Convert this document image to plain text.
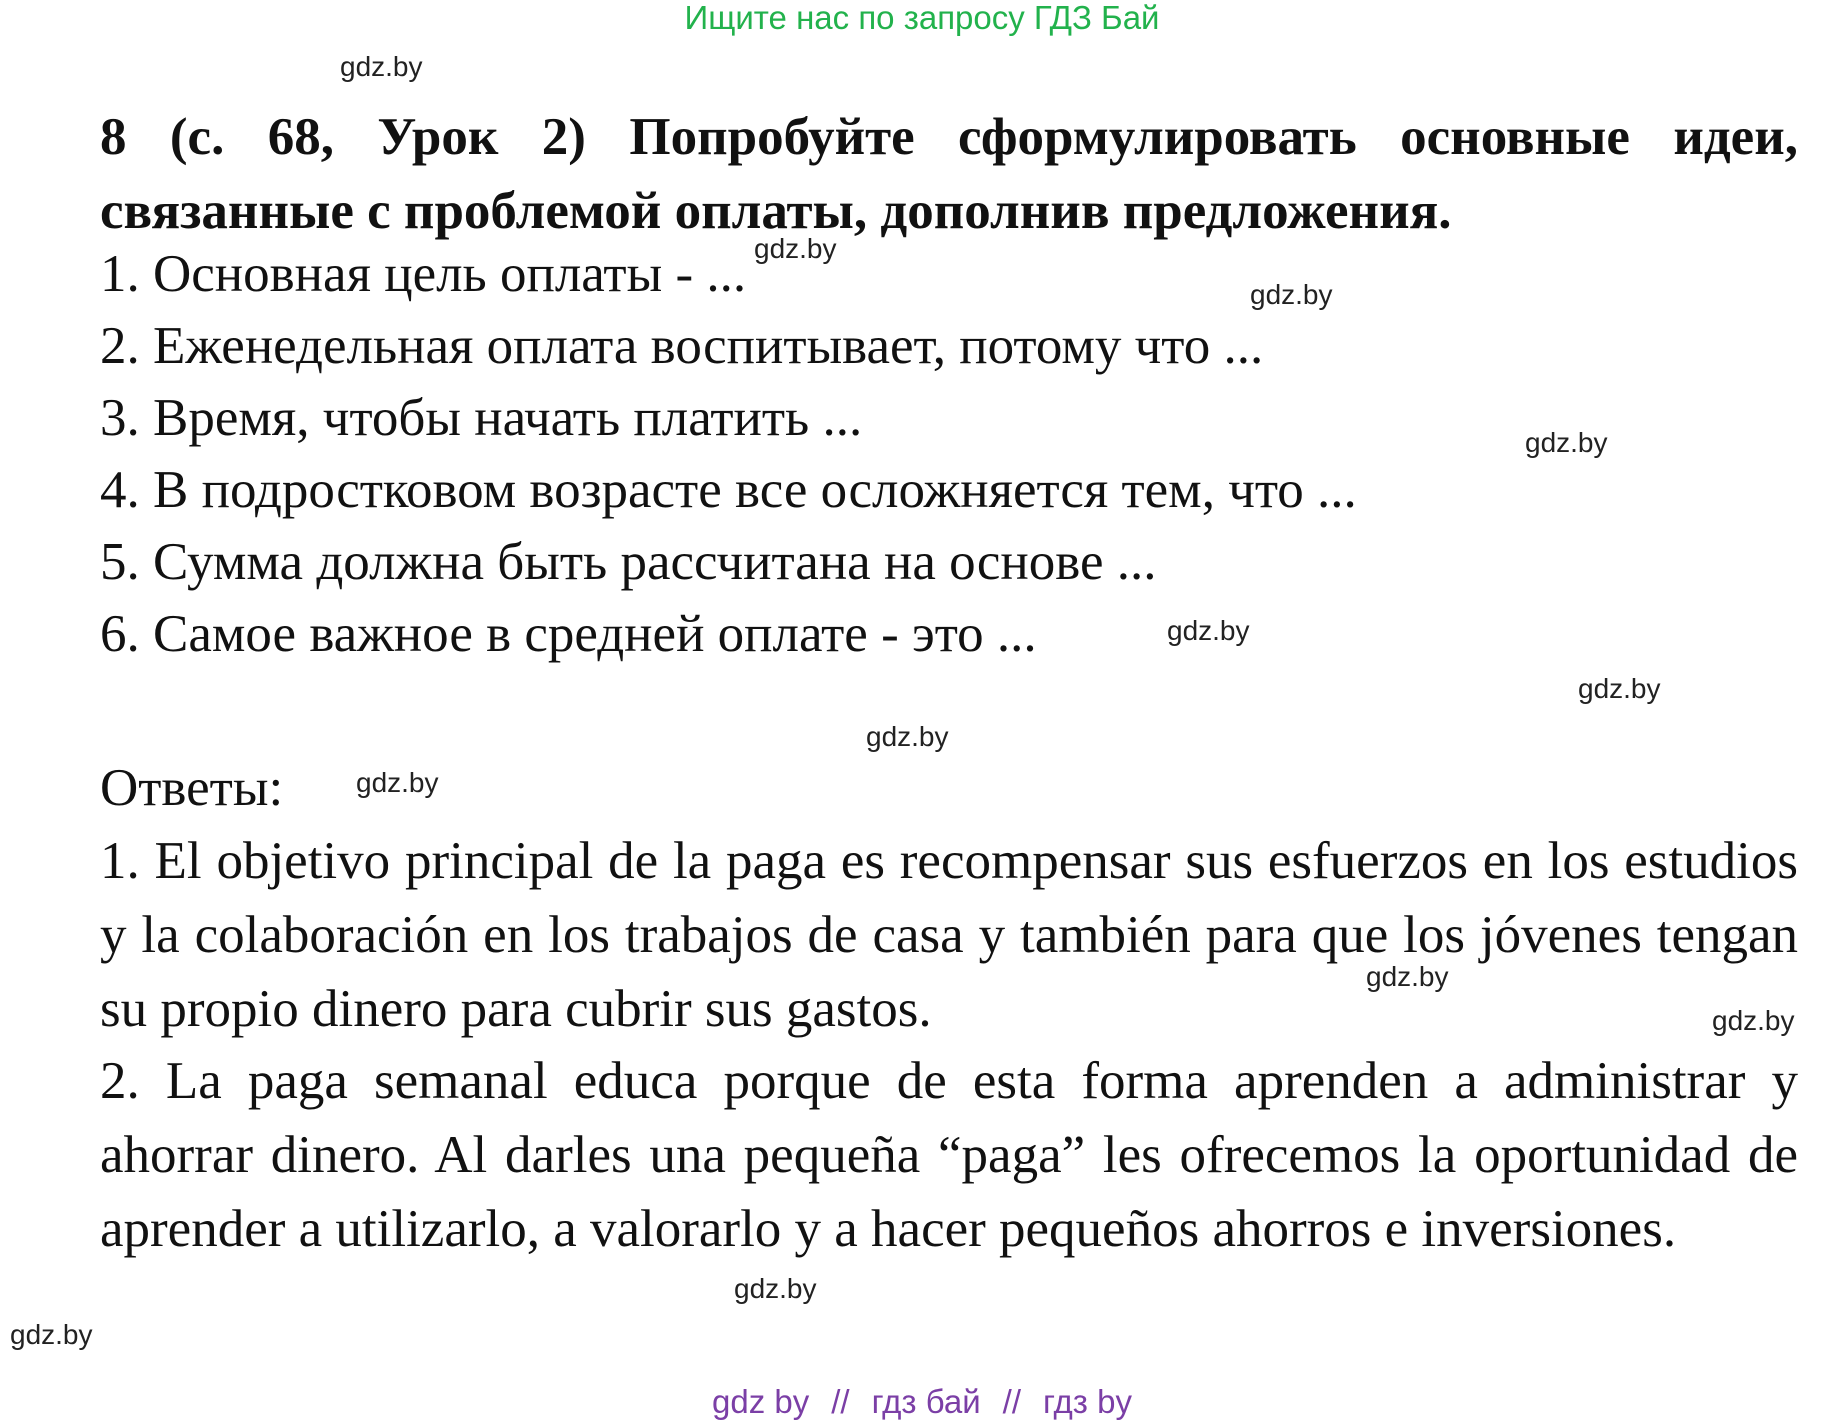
Ищите нас по запросу ГДЗ Бай
gdz.by
8 (с. 68, Урок 2) Попробуйте сформулировать основные идеи, связанные с проблемой оплаты, дополнив предложения.
1. Основная цель оплаты - ... gdz.by
gdz.by
2. Еженедельная оплата воспитывает, потому что ...
3. Время, чтобы начать платить ...	gdz.by
4. В подростковом возрасте все осложняется тем, что ...
5. Сумма должна быть рассчитана на основе ...
6. Самое важное в средней оплате - это ...	gdz.by
gdz.by
gdz.by
Ответы:	gdz.by
1. El objetivo principal de la paga es recompensar sus esfuerzos en los estudios y la colaboración en los trabajos de casa y también para que los jóvenes tengan su propio dinero para cubrir sus gastos.
gdz.by
gdz.by
2. La paga semanal educa porque de esta forma aprenden a administrar y ahorrar dinero. Al darles una pequeña “paga” les ofrecemos la oportunidad de aprender a utilizarlo, a valorarlo y a hacer pequeños ahorros e inversiones.
gdz.by
gdz.by
gdz by // гдз бай // гдз by
